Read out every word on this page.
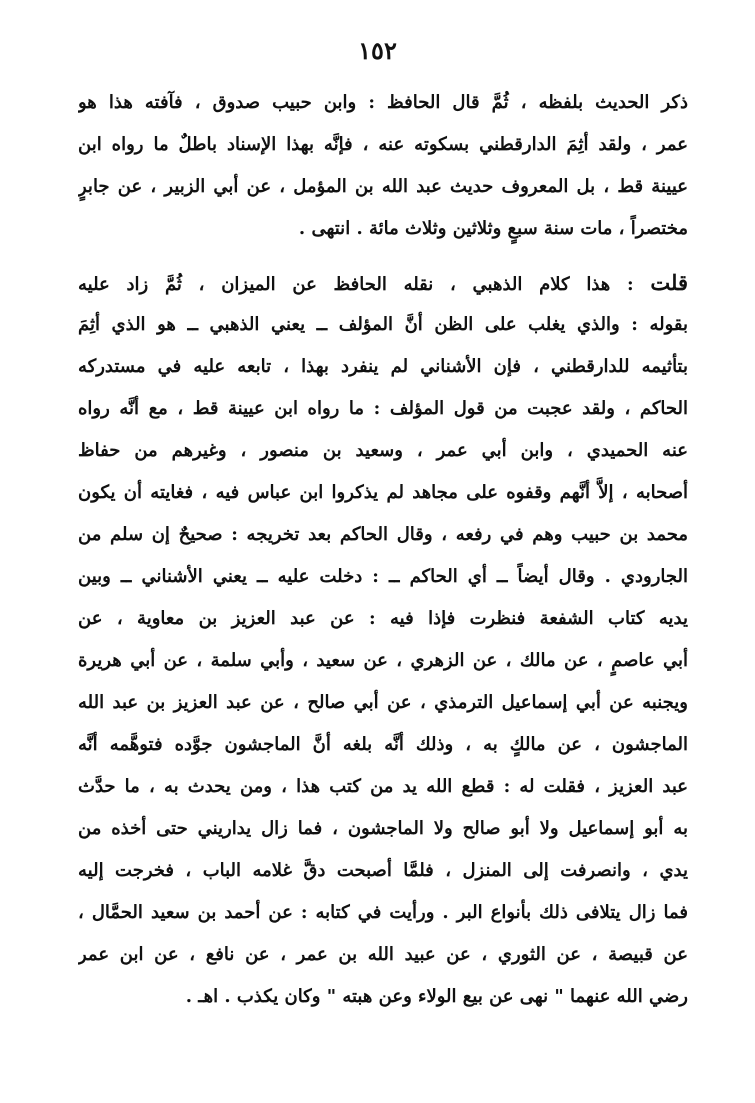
١٥٢
ذكر الحديث بلفظه ، ثُمَّ قال الحافظ : وابن حبيب صدوق ، فآفته هذا هو
عمر ، ولقد أثِمَ الدارقطني بسكوته عنه ، فإنَّه بهذا الإسناد باطلٌ ما رواه ابن
عيينة قط ، بل المعروف حديث عبد الله بن المؤمل ، عن أبي الزبير ، عن جابرٍ
مختصراً ، مات سنة سبعٍ وثلاثين وثلاث مائة . انتهى .
قلت : هذا كلام الذهبي ، نقله الحافظ عن الميزان ، ثُمَّ زاد عليه
بقوله : والذي يغلب على الظن أنَّ المؤلف ــ يعني الذهبي ــ هو الذي أثِمَ
بتأثيمه للدارقطني ، فإن الأشناني لم ينفرد بهذا ، تابعه عليه في مستدركه
الحاكم ، ولقد عجبت من قول المؤلف : ما رواه ابن عيينة قط ، مع أنَّه رواه
عنه الحميدي ، وابن أبي عمر ، وسعيد بن منصور ، وغيرهم من حفاظ
أصحابه ، إلاَّ أنَّهم وقفوه على مجاهد لم يذكروا ابن عباس فيه ، فغايته أن يكون
محمد بن حبيب وهم في رفعه ، وقال الحاكم بعد تخريجه : صحيحٌ إن سلم من
الجارودي . وقال أيضاً ــ أي الحاكم ــ : دخلت عليه ــ يعني الأشناني ــ وبين
يديه كتاب الشفعة فنظرت فإذا فيه : عن عبد العزيز بن معاوية ، عن
أبي عاصمٍ ، عن مالك ، عن الزهري ، عن سعيد ، وأبي سلمة ، عن أبي هريرة
ويجنبه عن أبي إسماعيل الترمذي ، عن أبي صالح ، عن عبد العزيز بن عبد الله
الماجشون ، عن مالكٍ به ، وذلك أنَّه بلغه أنَّ الماجشون جوَّده فتوهَّمه أنَّه
عبد العزيز ، فقلت له : قطع الله يد من كتب هذا ، ومن يحدث به ، ما حدَّث
به أبو إسماعيل ولا أبو صالح ولا الماجشون ، فما زال يداريني حتى أخذه من
يدي ، وانصرفت إلى المنزل ، فلمَّا أصبحت دقَّ غلامه الباب ، فخرجت إليه
فما زال يتلافى ذلك بأنواع البر . ورأيت في كتابه : عن أحمد بن سعيد الحمَّال ،
عن قبيصة ، عن الثوري ، عن عبيد الله بن عمر ، عن نافع ، عن ابن عمر
رضي الله عنهما " نهى عن بيع الولاء وعن هبته " وكان يكذب . اهـ .
